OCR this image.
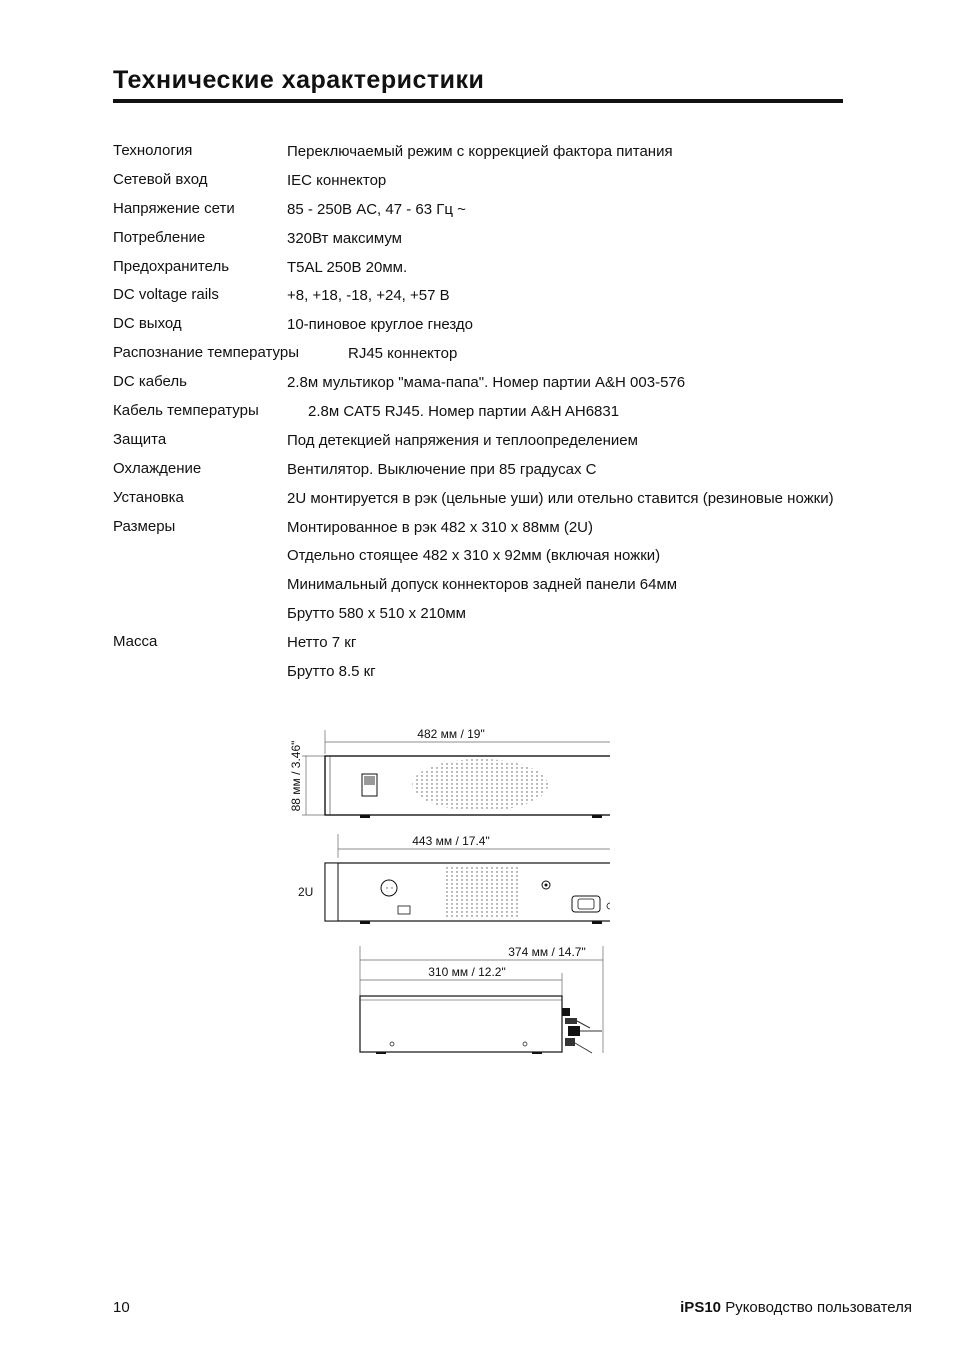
Технические характеристики
Технология	Переключаемый режим с коррекцией фактора питания
Сетевой вход	IEC коннектор
Напряжение сети	85 - 250В AC, 47 - 63 Гц ~
Потребление	320Вт максимум
Предохранитель	T5AL 250В 20мм.
DC voltage rails	+8, +18, -18, +24, +57 В
DC выход	10-пиновое круглое гнездо
Распознание температуры	RJ45 коннектор
DC кабель	2.8м мультикор "мама-папа". Номер партии A&H 003-576
Кабель температуры	2.8м CAT5 RJ45. Номер партии A&H AH6831
Защита	Под детекцией напряжения и теплоопределением
Охлаждение	Вентилятор. Выключение при 85 градусах С
Установка	2U монтируется в рэк (цельные уши) или отельно ставится (резиновые ножки)
Размеры	Монтированное в рэк 482 x 310 x 88мм (2U)
Отдельно стоящее 482 x 310 x 92мм (включая ножки)
Минимальный допуск коннекторов задней панели 64мм
Брутто 580 x 510 x 210мм
Масса	Нетто 7 кг
Брутто 8.5 кг
482 мм / 19"
88 мм / 3.46"
443 мм / 17.4"
2U
374 мм / 14.7"
310 мм / 12.2"
10	iPS10 Руководство пользователя
